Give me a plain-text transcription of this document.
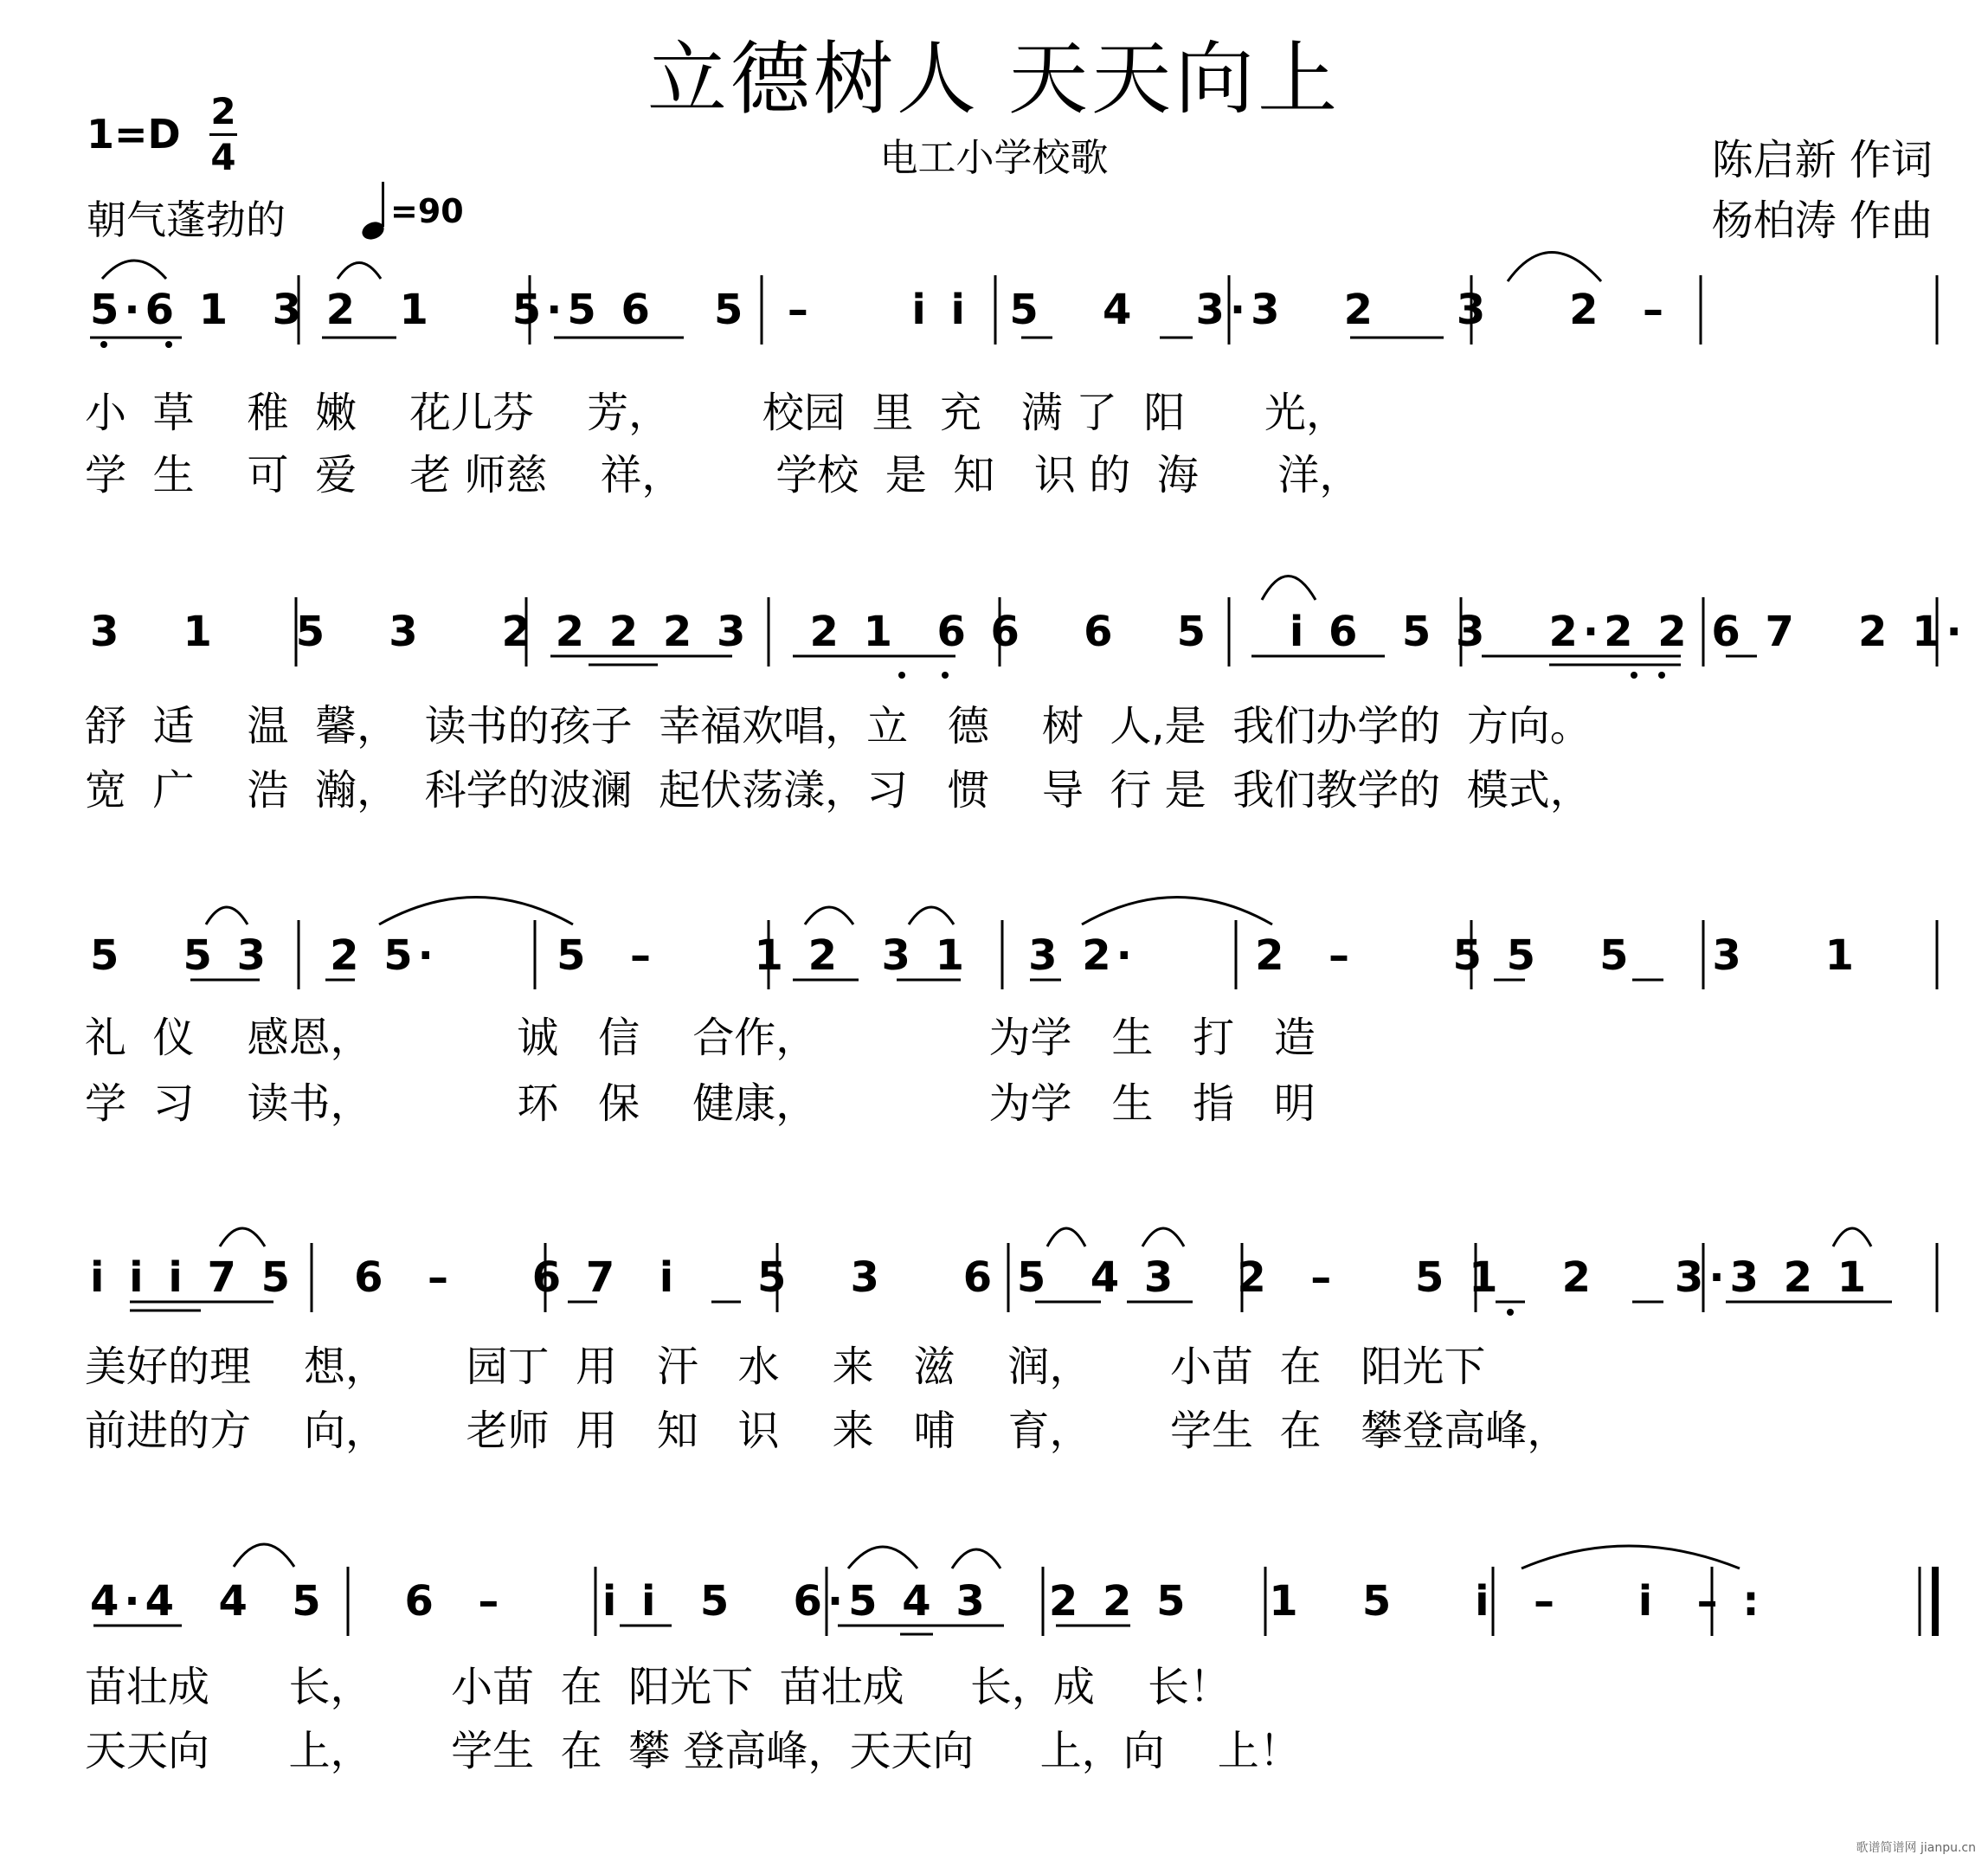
立德树人 天天向上
电工小学校歌
1=D 2
4
朝气蓬勃的	=90
陈启新 作词
杨柏涛 作曲
5·6 1  3 2  1    5·5 6   5  –     i i  5   4   3·3   2    3    2  –
小  草    稚  嫩    花儿芬    芳，       校园  里  充   满 了  阳      光，
学  生    可  爱    老 师慈    祥，       学校  是  知   识 的  海      洋，
3   1    5   3    2 2 2 2 3   2 1  6 6   6   5    i 6  5 3   2·2 2 6 7   2 1·
舒  适    温  馨，  读书的孩子  幸福欢唱，立   德    树  人,是  我们办学的  方向。
宽  广    浩  瀚，  科学的波澜  起伏荡漾，习   惯    导  行 是  我们教学的  模式，
5   5 3   2 5·      5  –     1 2  3 1   3 2·      2  –     5 5   5    3    1
礼  仪    感恩，           诚   信    合作，             为学   生   打   造
学  习    读书，           环   保    健康，             为学   生   指   明
i i i 7 5   6  –    6 7  i    5   3    6 5  4 3   2  –    5 1   2    3·3 2 1
美好的理    想，      园丁  用   汗   水    来   滋    润，      小苗  在   阳光下
前进的方    向，      老师  用   知   识    来   哺    育，      学生  在   攀登高峰，
4·4  4  5    6  –     i i  5   6·5 4 3   2 2 5    1   5    i  –    i  – :
苗壮成      长，      小苗  在  阳光下  苗壮成     长，成    长！
天天向      上，      学生  在  攀 登高峰，天天向     上，向    上！
歌谱简谱网 jianpu.cn
